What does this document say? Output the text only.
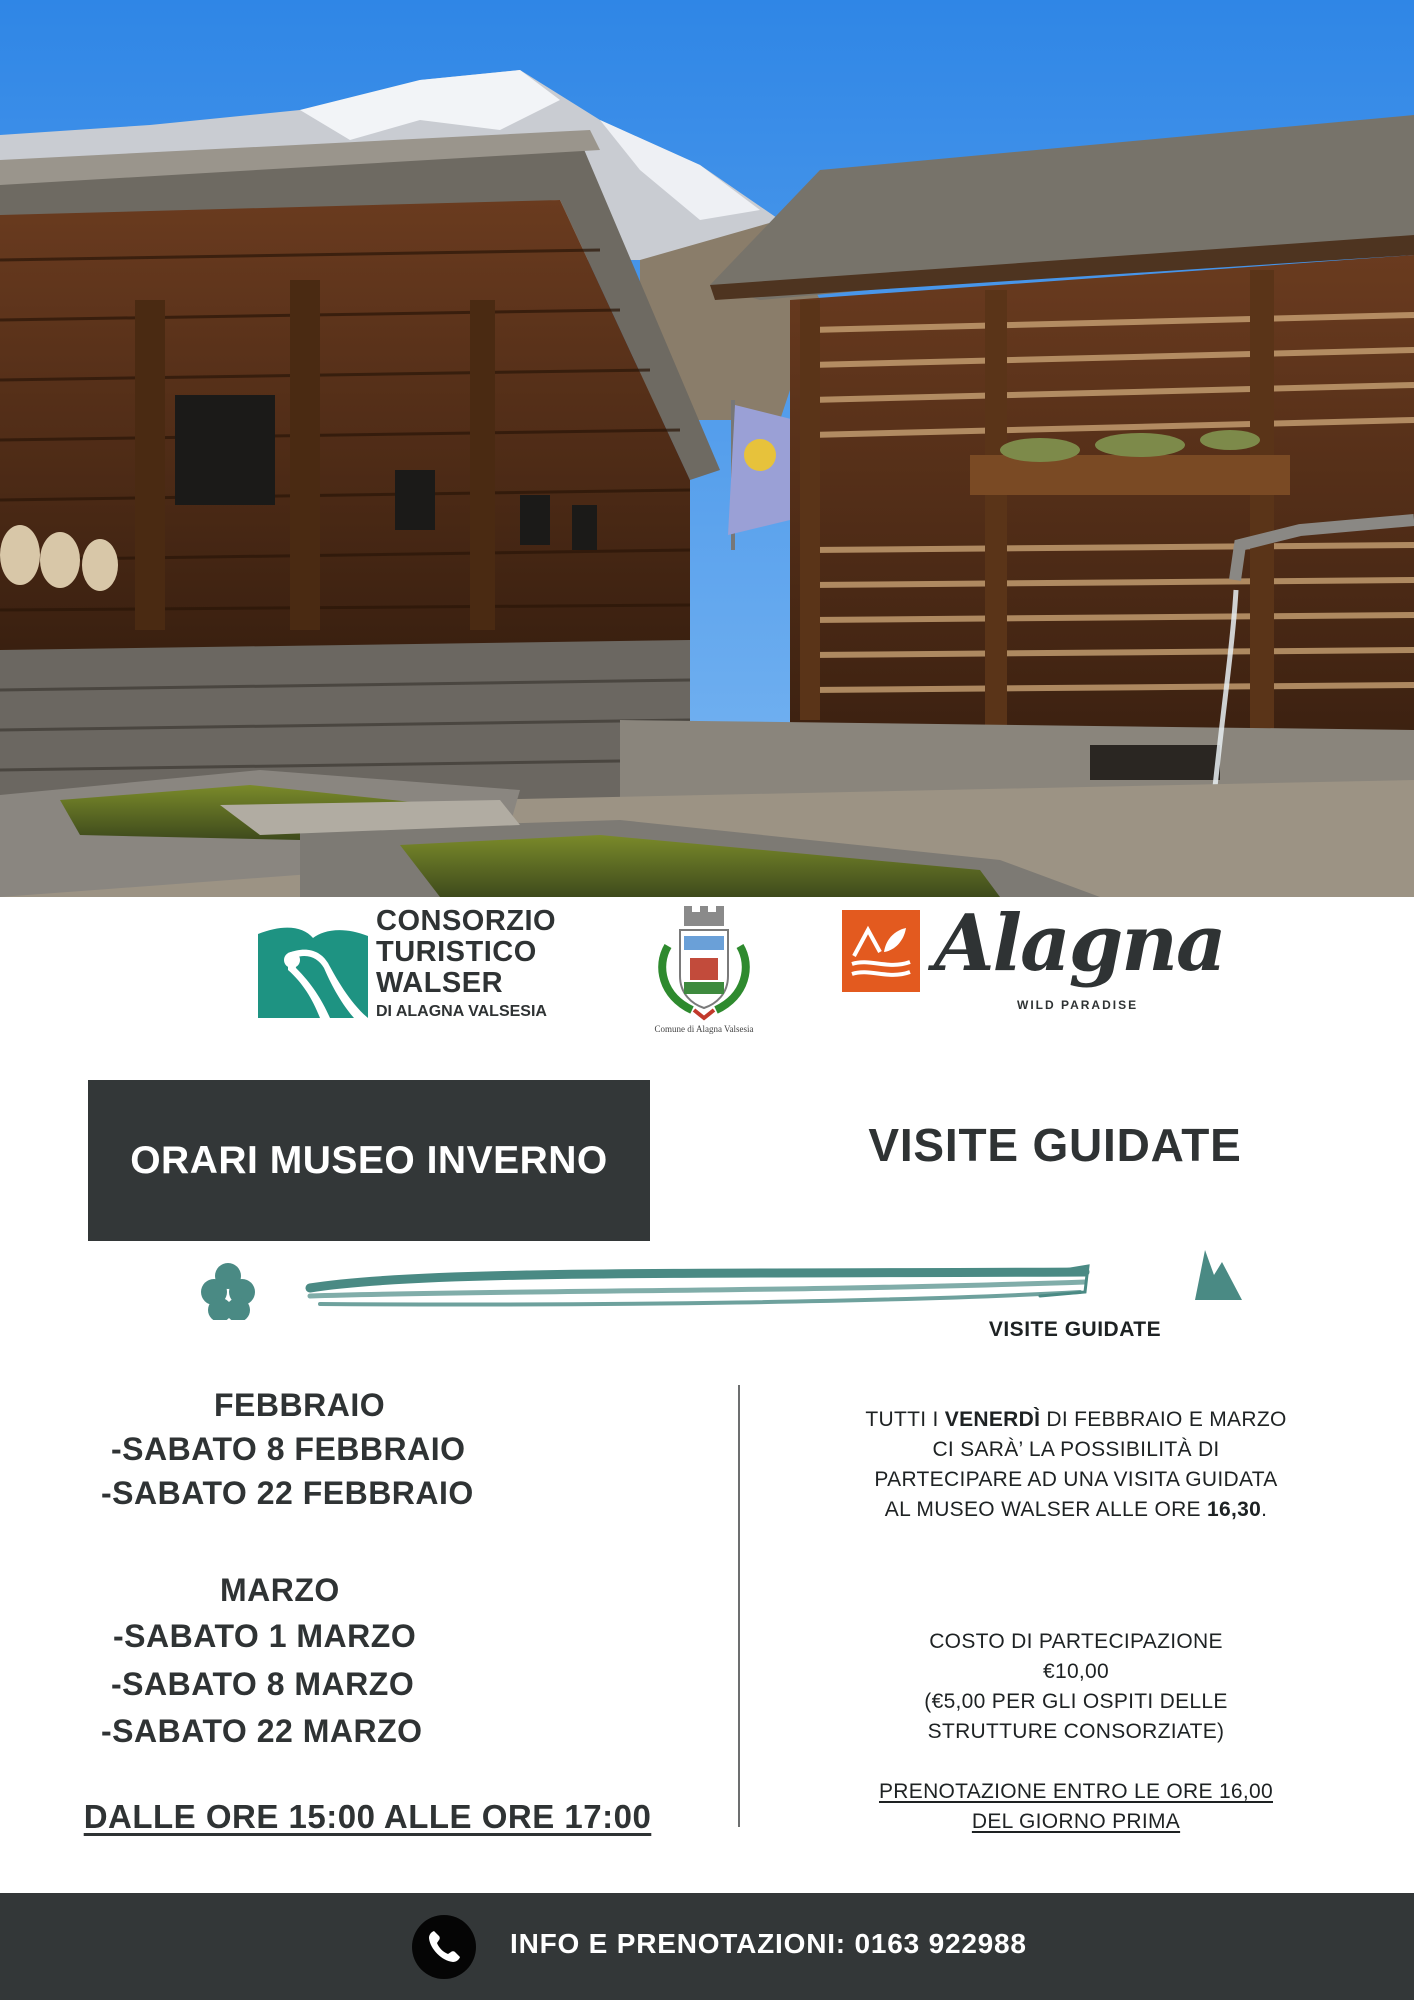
CONSORZIO
TURISTICO
WALSER
DI ALAGNA VALSESIA
Comune di Alagna Valsesia
Alagna
WILD PARADISE
ORARI MUSEO INVERNO	VISITE GUIDATE
VISITE GUIDATE
FEBBRAIO
-SABATO 8 FEBBRAIO
-SABATO 22 FEBBRAIO
MARZO
-SABATO 1 MARZO
-SABATO 8 MARZO
-SABATO 22 MARZO
DALLE ORE 15:00 ALLE ORE 17:00
TUTTI I VENERDÌ DI FEBBRAIO E MARZO CI SARÀ’ LA POSSIBILITÀ DI PARTECIPARE AD UNA VISITA GUIDATA AL MUSEO WALSER ALLE ORE 16,30.
COSTO DI PARTECIPAZIONE
€10,00
(€5,00 PER GLI OSPITI DELLE STRUTTURE CONSORZIATE)
PRENOTAZIONE ENTRO LE ORE 16,00 DEL GIORNO PRIMA
INFO E PRENOTAZIONI: 0163 922988
